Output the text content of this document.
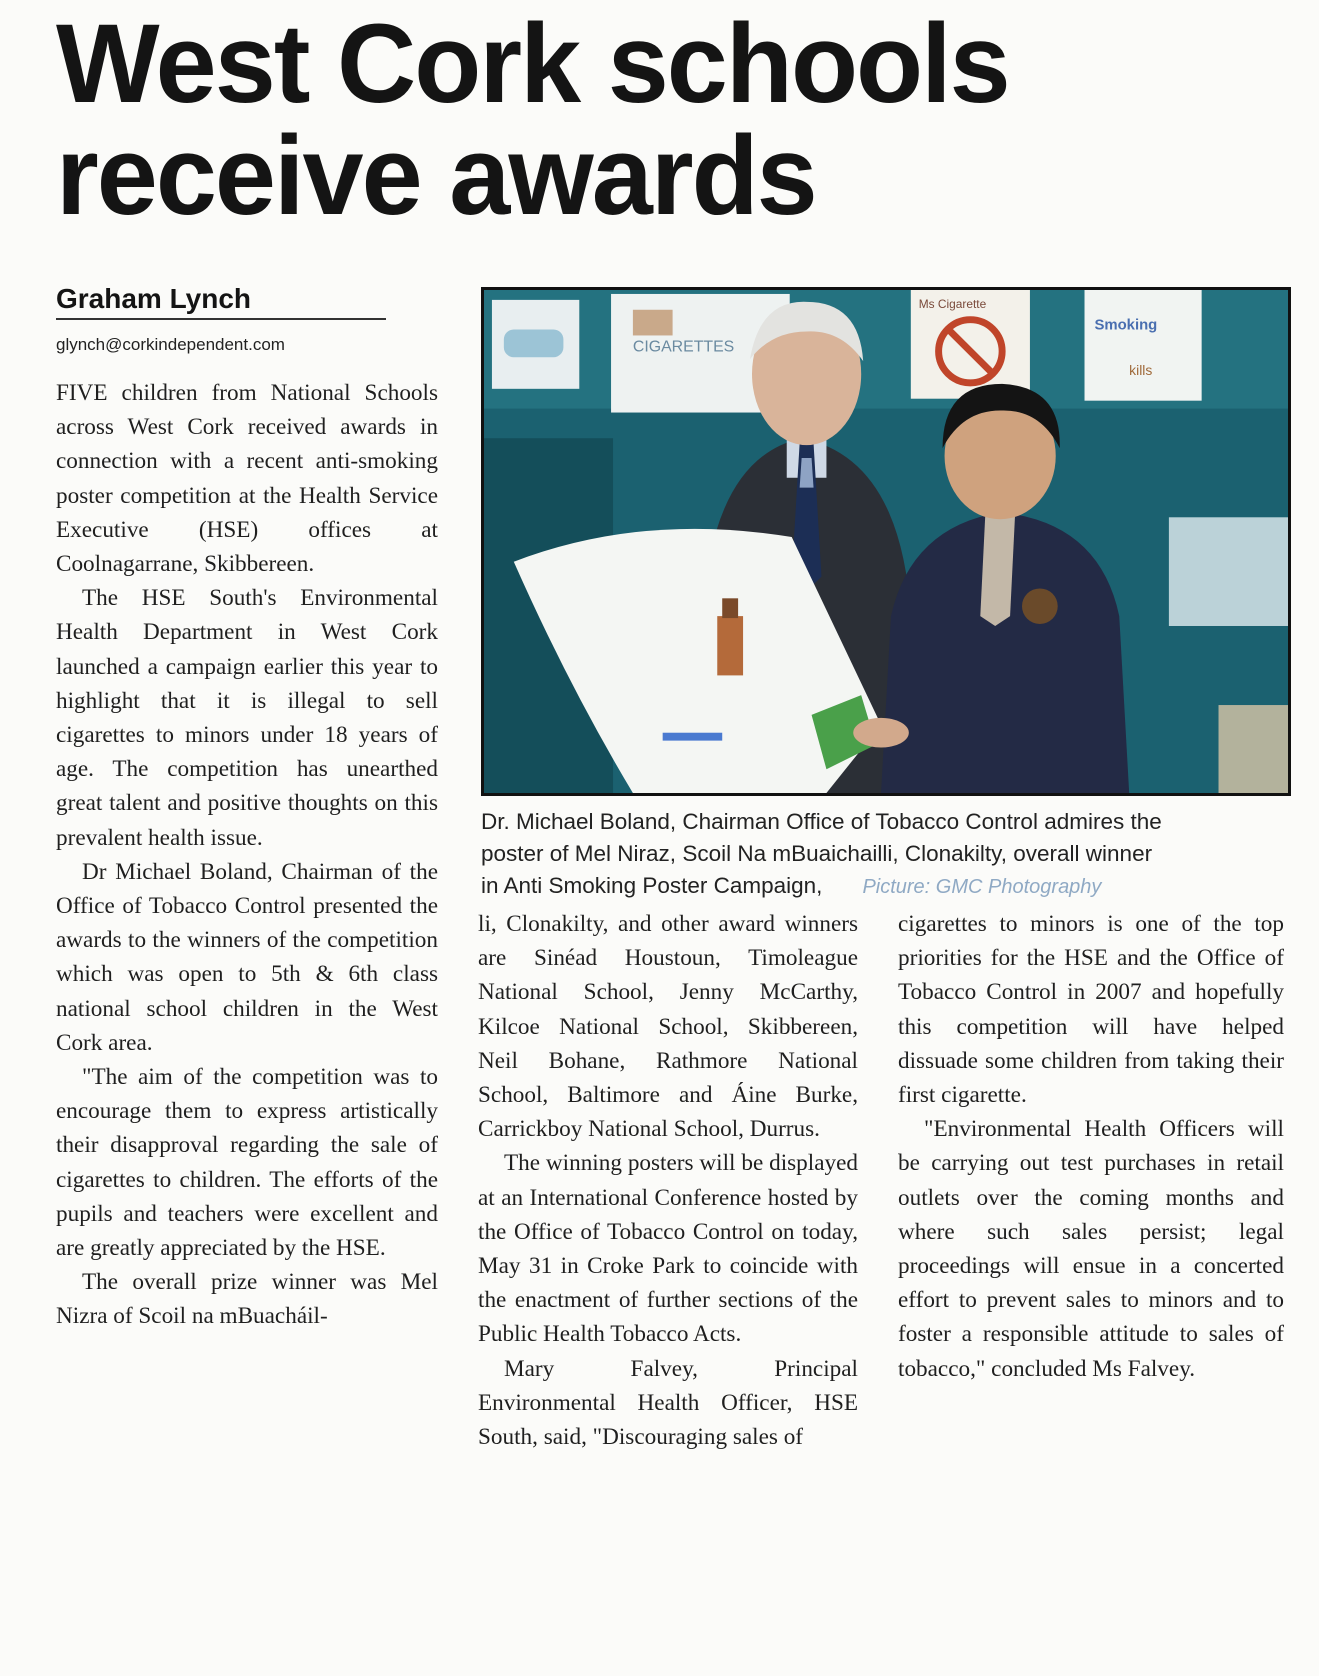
West Cork schools
receive awards
Graham Lynch
glynch@corkindependent.com

FIVE children from National Schools across West Cork received awards in connection with a recent anti-smoking poster competition at the Health Service Executive (HSE) offices at Coolnagarrane, Skibbereen.

The HSE South's Environmental Health Department in West Cork launched a campaign earlier this year to highlight that it is illegal to sell cigarettes to minors under 18 years of age. The competition has unearthed great talent and positive thoughts on this prevalent health issue.

Dr Michael Boland, Chairman of the Office of Tobacco Control presented the awards to the winners of the competition which was open to 5th & 6th class national school children in the West Cork area.

"The aim of the competition was to encourage them to express artistically their disapproval regarding the sale of cigarettes to children. The efforts of the pupils and teachers were excellent and are greatly appreciated by the HSE.

The overall prize winner was Mel Nizra of Scoil na mBuacháil-

CIGARETTES
Ms Cigarette
Smoking
kills
Dr. Michael Boland, Chairman Office of Tobacco Control admires the
poster of Mel Niraz, Scoil Na mBuaichailli, Clonakilty, overall winner
in Anti Smoking Poster Campaign, Picture: GMC Photography

li, Clonakilty, and other award winners are Sinéad Houstoun, Timoleague National School, Jenny McCarthy, Kilcoe National School, Skibbereen, Neil Bohane, Rathmore National School, Baltimore and Áine Burke, Carrickboy National School, Durrus.

The winning posters will be displayed at an International Conference hosted by the Office of Tobacco Control on today, May 31 in Croke Park to coincide with the enactment of further sections of the Public Health Tobacco Acts.

Mary Falvey, Principal Environmental Health Officer, HSE South, said, "Discouraging sales of

cigarettes to minors is one of the top priorities for the HSE and the Office of Tobacco Control in 2007 and hopefully this competition will have helped dissuade some children from taking their first cigarette.

"Environmental Health Officers will be carrying out test purchases in retail outlets over the coming months and where such sales persist; legal proceedings will ensue in a concerted effort to prevent sales to minors and to foster a responsible attitude to sales of tobacco," concluded Ms Falvey.
